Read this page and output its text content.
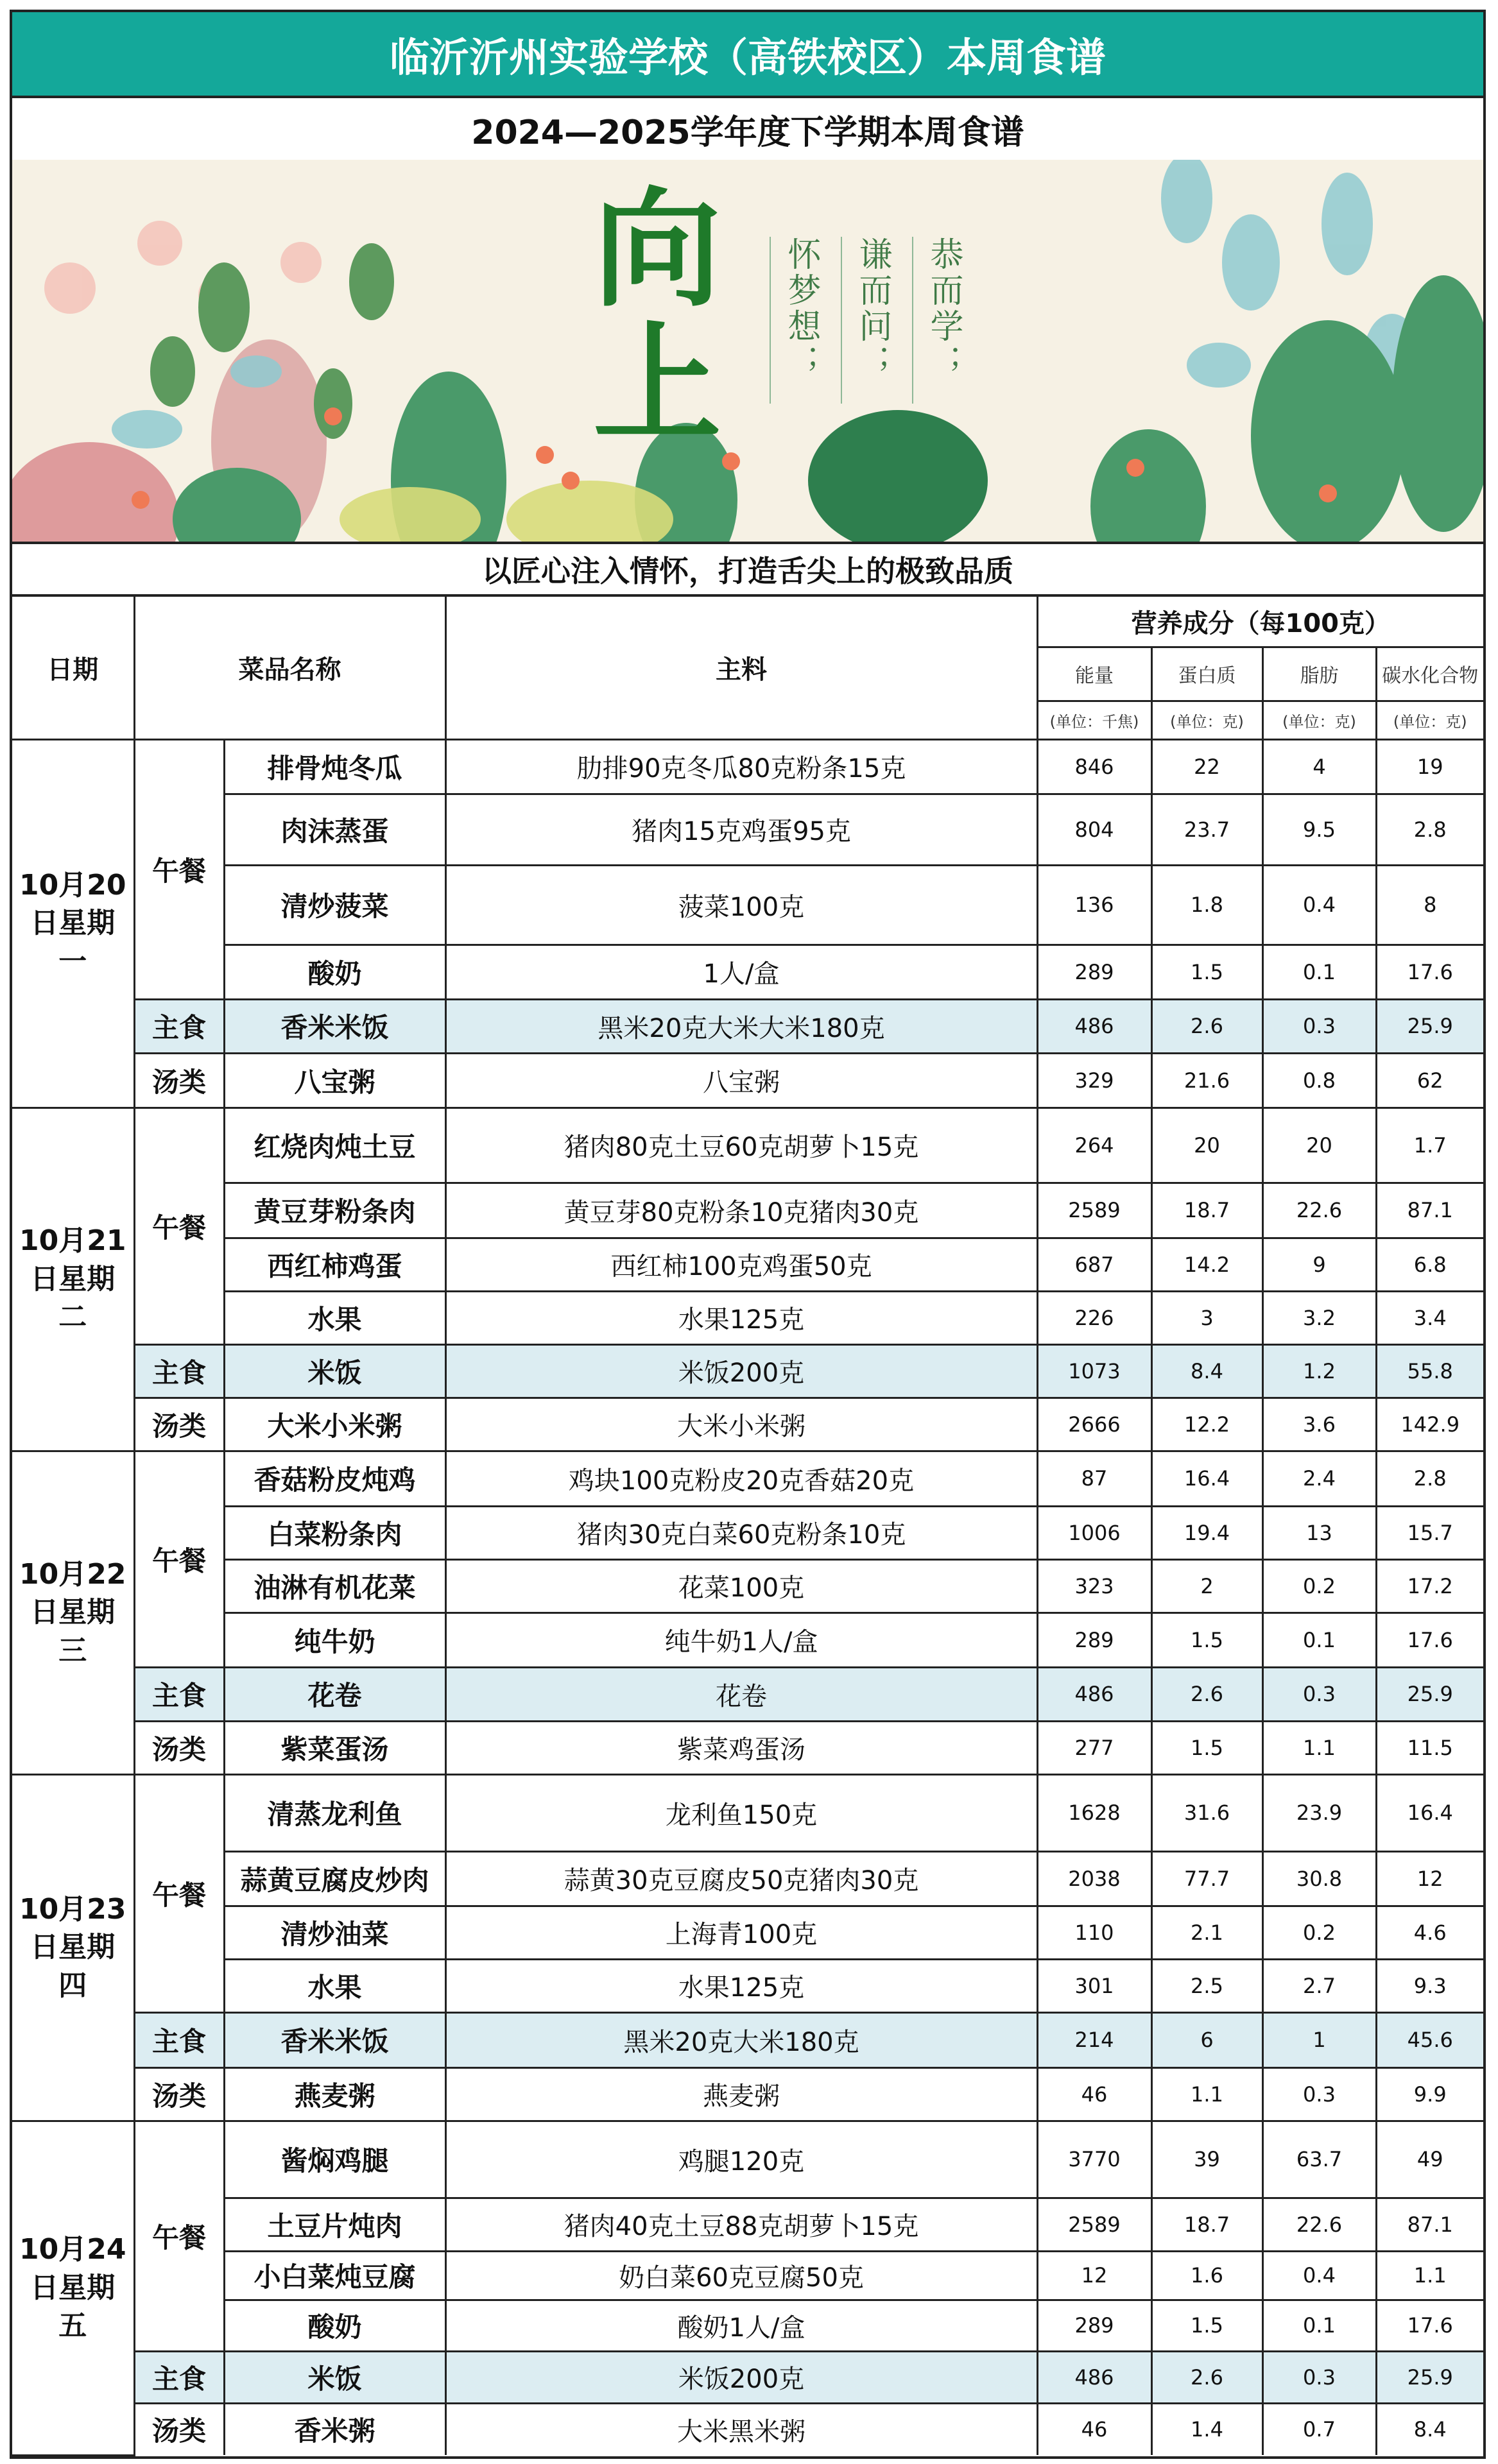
临沂沂州实验学校（高铁校区）本周食谱
2024—2025学年度下学期本周食谱
向
上	恭而学；
谦而问；
怀梦想；
以匠心注入情怀，打造舌尖上的极致品质
日期	菜品名称		主料	营养成分（每100克）			
				能量	蛋白质	脂肪	碳水化合物
				(单位：千焦)	(单位：克)	(单位：克)	(单位：克)
10月20日星期一	午餐	排骨炖冬瓜	肋排90克冬瓜80克粉条15克	846	22	4	19
		肉沫蒸蛋	猪肉15克鸡蛋95克	804	23.7	9.5	2.8
		清炒菠菜	菠菜100克	136	1.8	0.4	8
		酸奶	1人/盒	289	1.5	0.1	17.6
	主食	香米米饭	黑米20克大米大米180克	486	2.6	0.3	25.9
	汤类	八宝粥	八宝粥	329	21.6	0.8	62
10月21日星期二	午餐	红烧肉炖土豆	猪肉80克土豆60克胡萝卜15克	264	20	20	1.7
		黄豆芽粉条肉	黄豆芽80克粉条10克猪肉30克	2589	18.7	22.6	87.1
		西红柿鸡蛋	西红柿100克鸡蛋50克	687	14.2	9	6.8
		水果	水果125克	226	3	3.2	3.4
	主食	米饭	米饭200克	1073	8.4	1.2	55.8
	汤类	大米小米粥	大米小米粥	2666	12.2	3.6	142.9
10月22日星期三	午餐	香菇粉皮炖鸡	鸡块100克粉皮20克香菇20克	87	16.4	2.4	2.8
		白菜粉条肉	猪肉30克白菜60克粉条10克	1006	19.4	13	15.7
		油淋有机花菜	花菜100克	323	2	0.2	17.2
		纯牛奶	纯牛奶1人/盒	289	1.5	0.1	17.6
	主食	花卷	花卷	486	2.6	0.3	25.9
	汤类	紫菜蛋汤	紫菜鸡蛋汤	277	1.5	1.1	11.5
10月23日星期四	午餐	清蒸龙利鱼	龙利鱼150克	1628	31.6	23.9	16.4
		蒜黄豆腐皮炒肉	蒜黄30克豆腐皮50克猪肉30克	2038	77.7	30.8	12
		清炒油菜	上海青100克	110	2.1	0.2	4.6
		水果	水果125克	301	2.5	2.7	9.3
	主食	香米米饭	黑米20克大米180克	214	6	1	45.6
	汤类	燕麦粥	燕麦粥	46	1.1	0.3	9.9
10月24日星期五	午餐	酱焖鸡腿	鸡腿120克	3770	39	63.7	49
		土豆片炖肉	猪肉40克土豆88克胡萝卜15克	2589	18.7	22.6	87.1
		小白菜炖豆腐	奶白菜60克豆腐50克	12	1.6	0.4	1.1
		酸奶	酸奶1人/盒	289	1.5	0.1	17.6
	主食	米饭	米饭200克	486	2.6	0.3	25.9
	汤类	香米粥	大米黑米粥	46	1.4	0.7	8.4
